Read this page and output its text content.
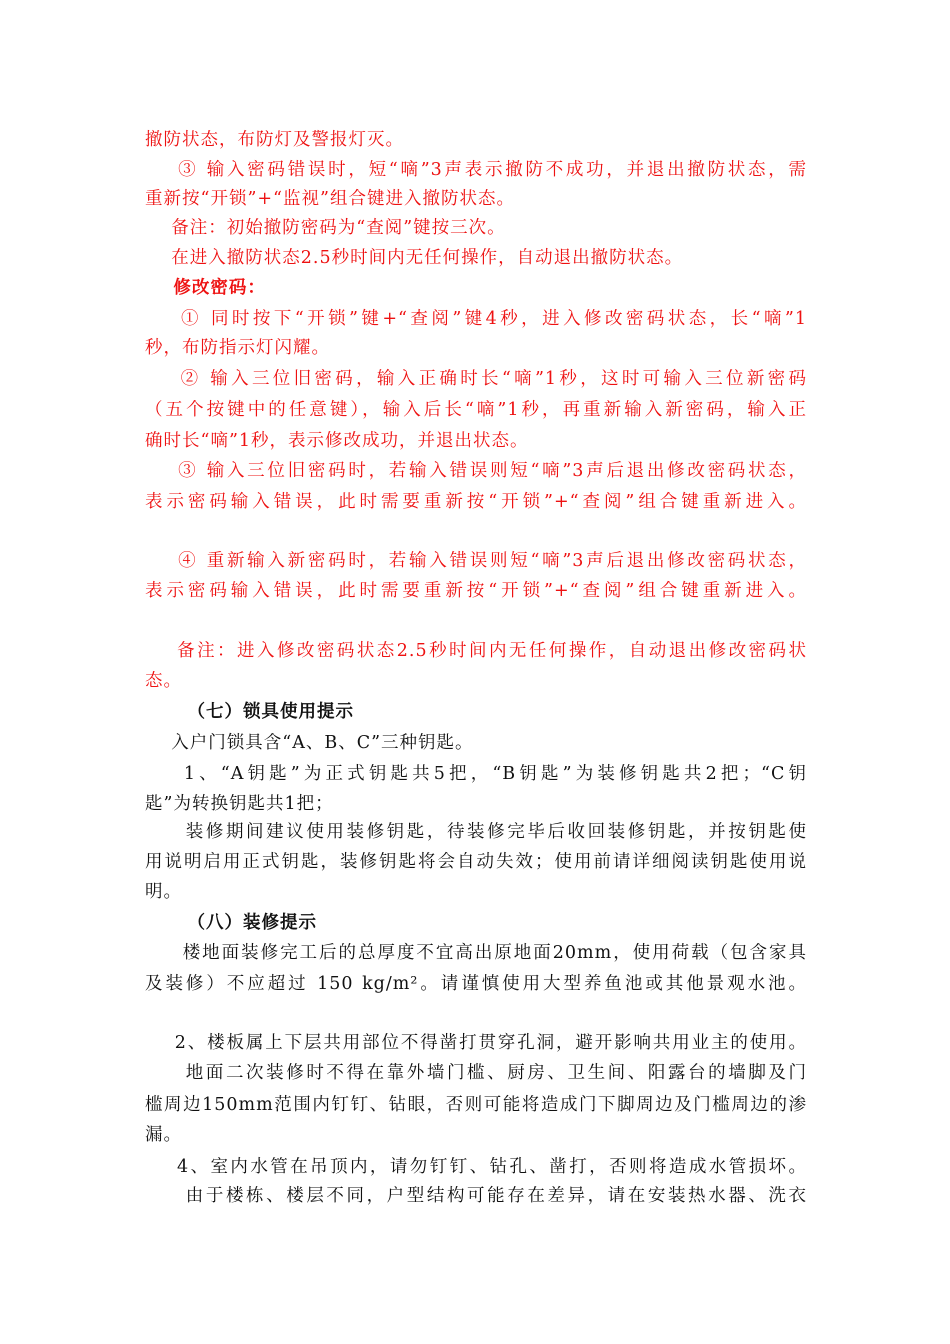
撤防状态，布防灯及警报灯灭。
③ 输入密码错误时，短“嘀”3声表示撤防不成功，并退出撤防状态，需
重新按“开锁”+“监视”组合键进入撤防状态。
备注：初始撤防密码为“查阅”键按三次。
在进入撤防状态2.5秒时间内无任何操作，自动退出撤防状态。
修改密码：
① 同时按下“开锁”键+“查阅”键4秒，进入修改密码状态，长“嘀”1
秒，布防指示灯闪耀。
② 输入三位旧密码，输入正确时长“嘀”1秒，这时可输入三位新密码
（五个按键中的任意键），输入后长“嘀”1秒，再重新输入新密码，输入正
确时长“嘀”1秒，表示修改成功，并退出状态。
③ 输入三位旧密码时，若输入错误则短“嘀”3声后退出修改密码状态，
表示密码输入错误，此时需要重新按“开锁”+“查阅”组合键重新进入。
④ 重新输入新密码时，若输入错误则短“嘀”3声后退出修改密码状态，
表示密码输入错误，此时需要重新按“开锁”+“查阅”组合键重新进入。
备注：进入修改密码状态2.5秒时间内无任何操作，自动退出修改密码状
态。
（七）锁具使用提示
入户门锁具含“A、B、C”三种钥匙。
1、“A钥匙”为正式钥匙共5把，“B钥匙”为装修钥匙共2把；“C钥
匙”为转换钥匙共1把；
装修期间建议使用装修钥匙，待装修完毕后收回装修钥匙，并按钥匙使
用说明启用正式钥匙，装修钥匙将会自动失效；使用前请详细阅读钥匙使用说
明。
（八）装修提示
楼地面装修完工后的总厚度不宜高出原地面20mm，使用荷载（包含家具
及装修）不应超过 150 kg/m²。请谨慎使用大型养鱼池或其他景观水池。
2、楼板属上下层共用部位不得凿打贯穿孔洞，避开影响共用业主的使用。
地面二次装修时不得在靠外墙门槛、厨房、卫生间、阳露台的墙脚及门
槛周边150mm范围内钉钉、钻眼，否则可能将造成门下脚周边及门槛周边的渗
漏。
4、室内水管在吊顶内，请勿钉钉、钻孔、凿打，否则将造成水管损坏。
由于楼栋、楼层不同，户型结构可能存在差异，请在安装热水器、洗衣
